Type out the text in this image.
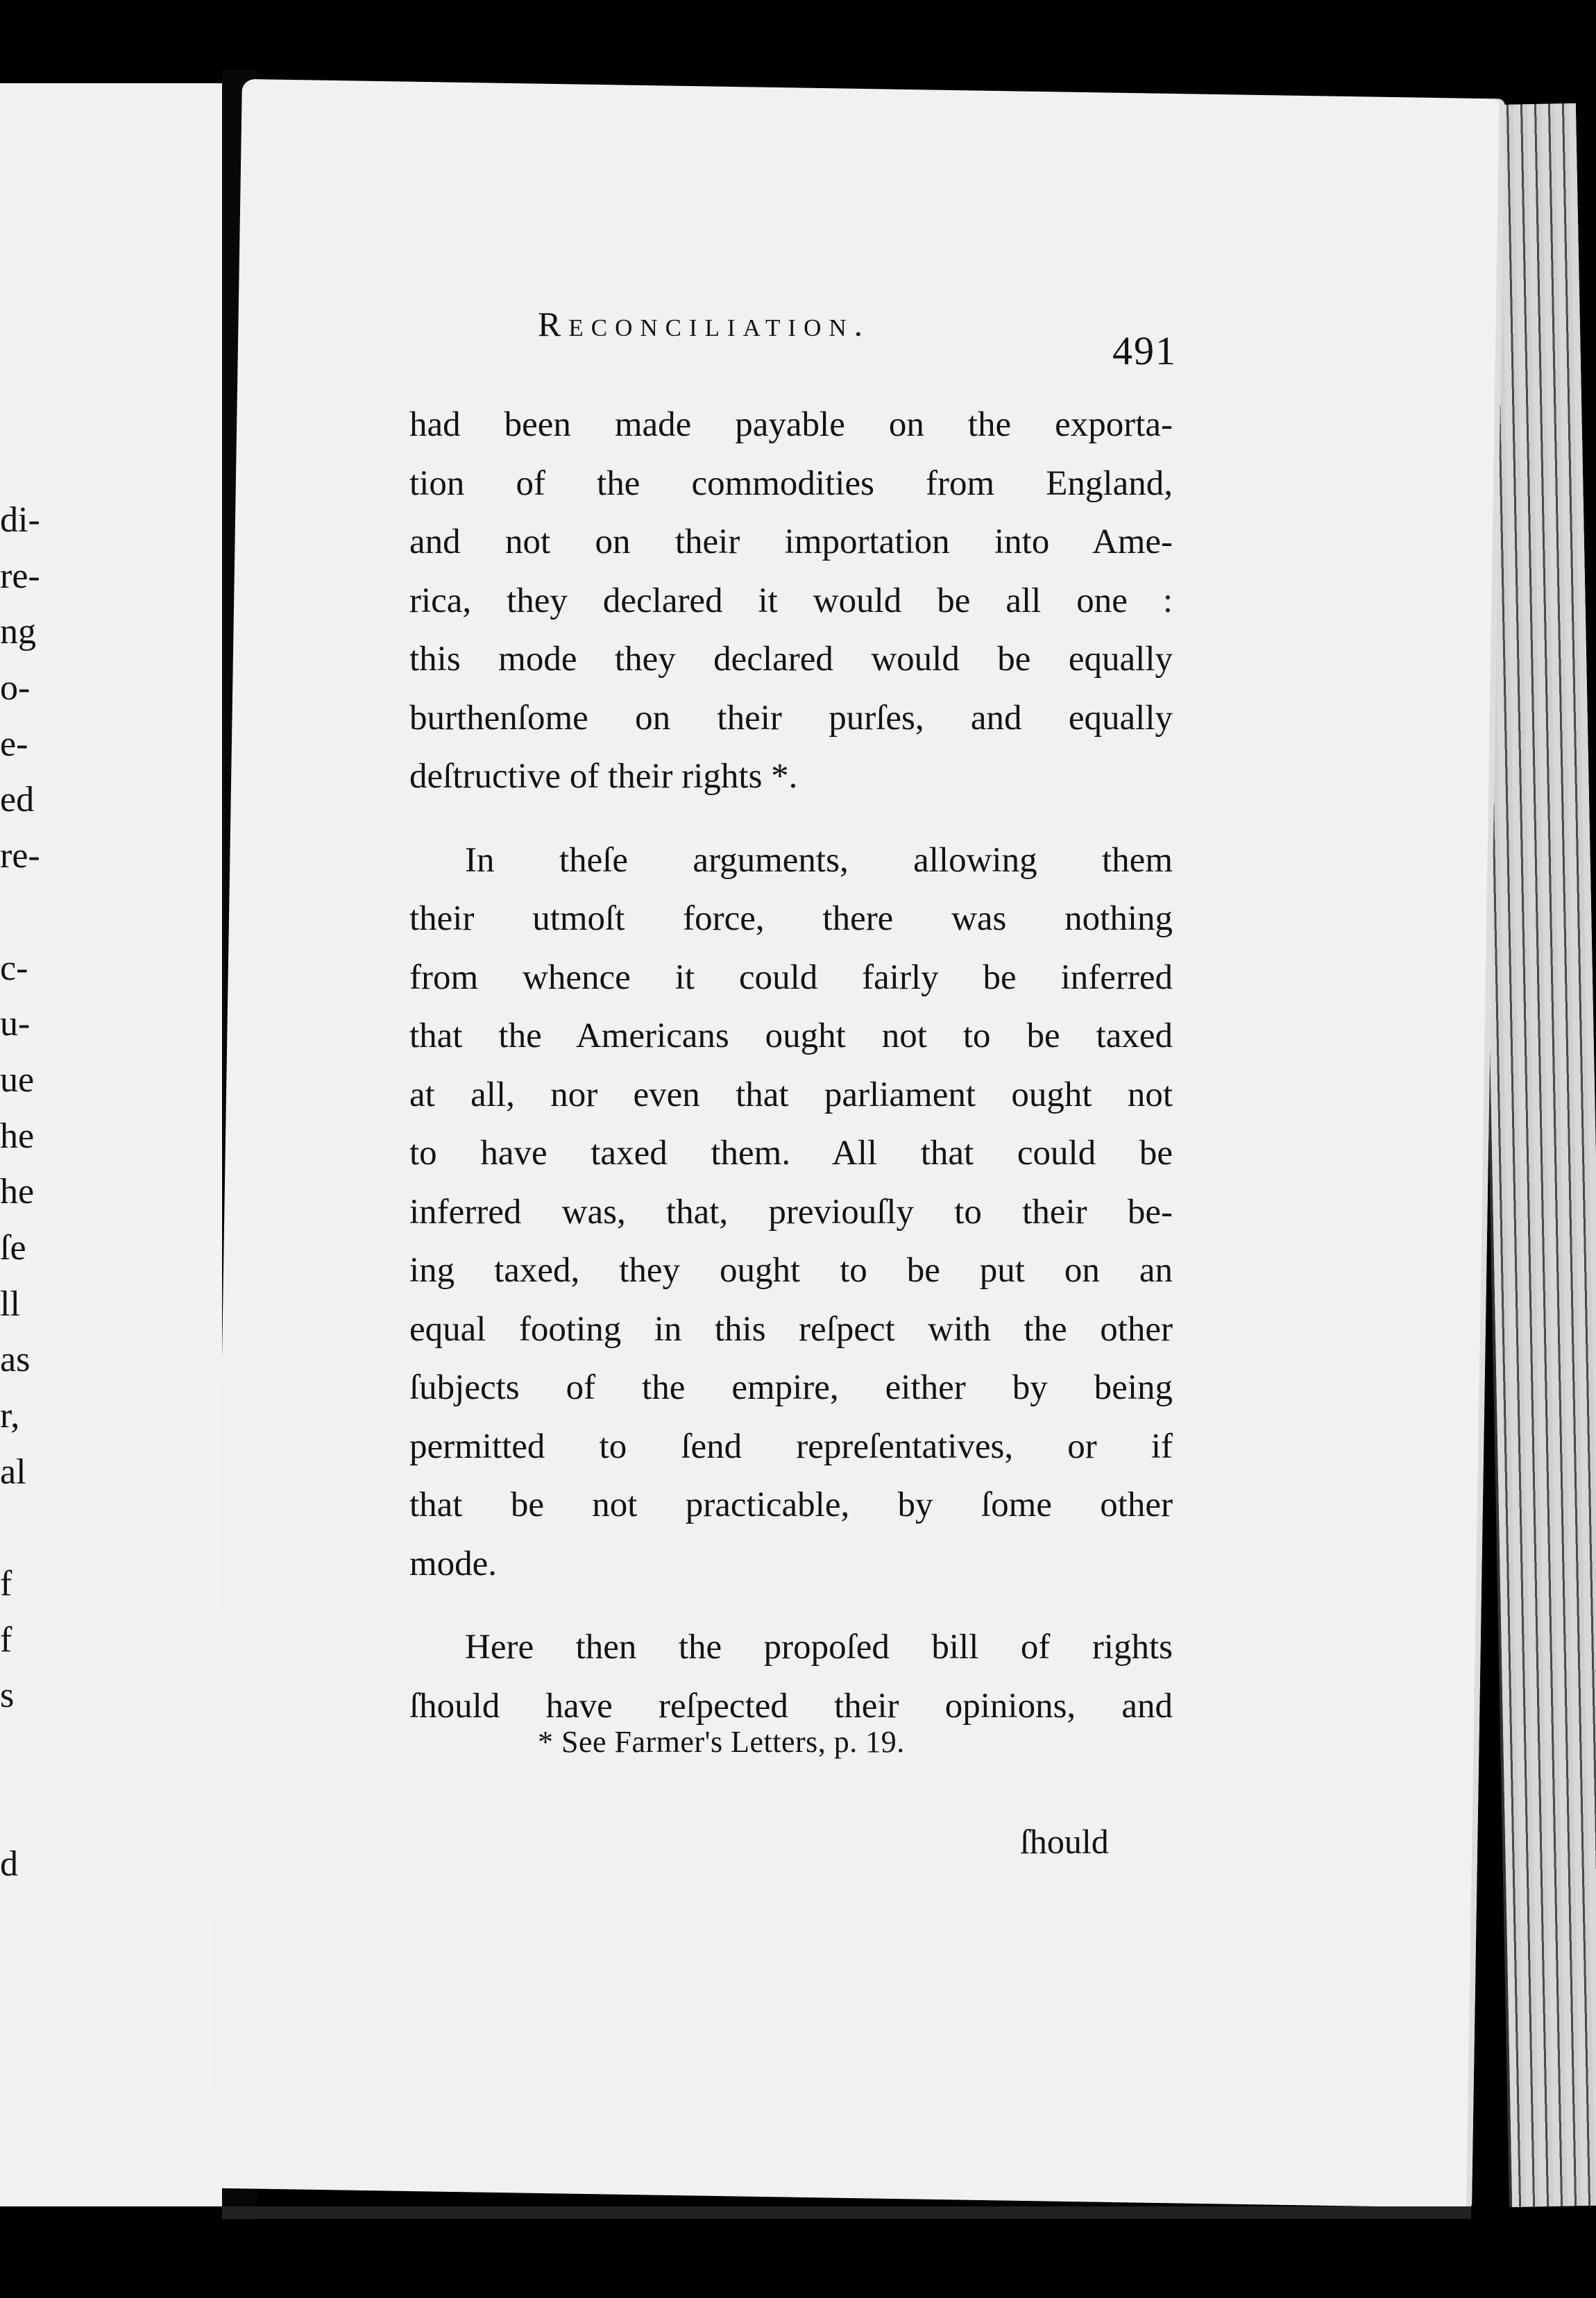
di-
re-
ng
o-
e-
ed
re-
c-
u-
ue
he
he
ſe
ll
as
r,
al
f
f
s
d
Reconciliation.
491
had been made payable on the exporta-
tion of the commodities from England,
and not on their importation into Ame-
rica, they declared it would be all one :
this mode they declared would be equally
burthenſome on their purſes, and equally
deſtructive of their rights *.
In theſe arguments, allowing them
their utmoſt force, there was nothing
from whence it could fairly be inferred
that the Americans ought not to be taxed
at all, nor even that parliament ought not
to have taxed them. All that could be
inferred was, that, previouſly to their be-
ing taxed, they ought to be put on an
equal footing in this reſpect with the other
ſubjects of the empire, either by being
permitted to ſend repreſentatives, or if
that be not practicable, by ſome other
mode.
Here then the propoſed bill of rights
ſhould have reſpected their opinions, and
* See Farmer's Letters, p. 19.
ſhould
